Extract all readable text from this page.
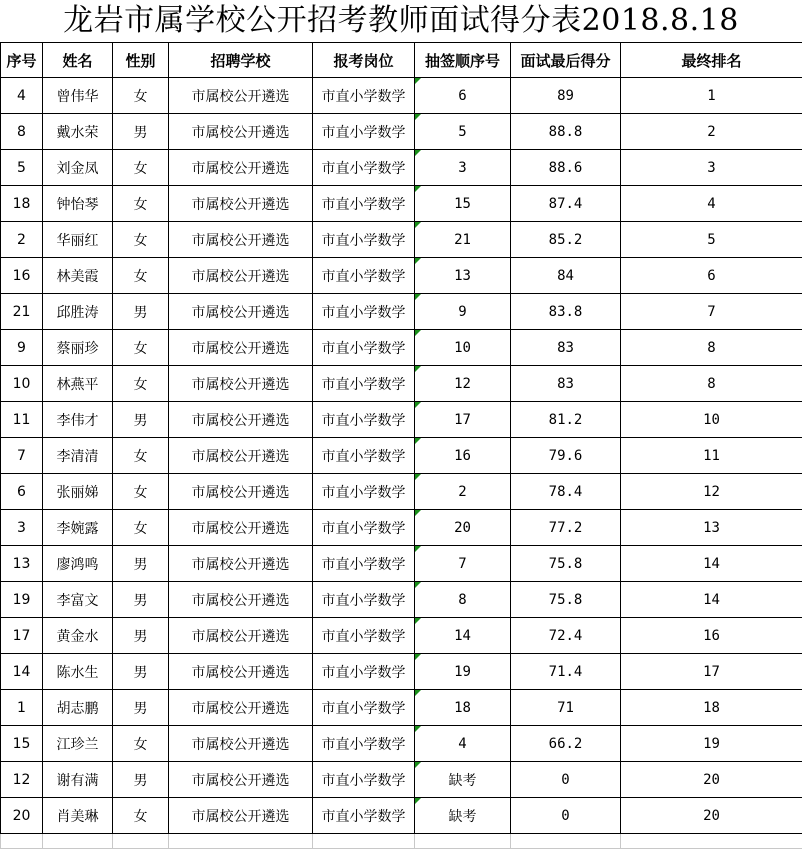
龙岩市属学校公开招考教师面试得分表2018.8.18
序号	姓名	性别	招聘学校	报考岗位	抽签顺序号	面试最后得分	最终排名
4	曾伟华	女	市属校公开遴选	市直小学数学	6	89	1
8	戴水荣	男	市属校公开遴选	市直小学数学	5	88.8	2
5	刘金凤	女	市属校公开遴选	市直小学数学	3	88.6	3
18	钟怡琴	女	市属校公开遴选	市直小学数学	15	87.4	4
2	华丽红	女	市属校公开遴选	市直小学数学	21	85.2	5
16	林美霞	女	市属校公开遴选	市直小学数学	13	84	6
21	邱胜涛	男	市属校公开遴选	市直小学数学	9	83.8	7
9	蔡丽珍	女	市属校公开遴选	市直小学数学	10	83	8
10	林燕平	女	市属校公开遴选	市直小学数学	12	83	8
11	李伟才	男	市属校公开遴选	市直小学数学	17	81.2	10
7	李清清	女	市属校公开遴选	市直小学数学	16	79.6	11
6	张丽娣	女	市属校公开遴选	市直小学数学	2	78.4	12
3	李婉露	女	市属校公开遴选	市直小学数学	20	77.2	13
13	廖鸿鸣	男	市属校公开遴选	市直小学数学	7	75.8	14
19	李富文	男	市属校公开遴选	市直小学数学	8	75.8	14
17	黄金水	男	市属校公开遴选	市直小学数学	14	72.4	16
14	陈水生	男	市属校公开遴选	市直小学数学	19	71.4	17
1	胡志鹏	男	市属校公开遴选	市直小学数学	18	71	18
15	江珍兰	女	市属校公开遴选	市直小学数学	4	66.2	19
12	谢有满	男	市属校公开遴选	市直小学数学	缺考	0	20
20	肖美琳	女	市属校公开遴选	市直小学数学	缺考	0	20
